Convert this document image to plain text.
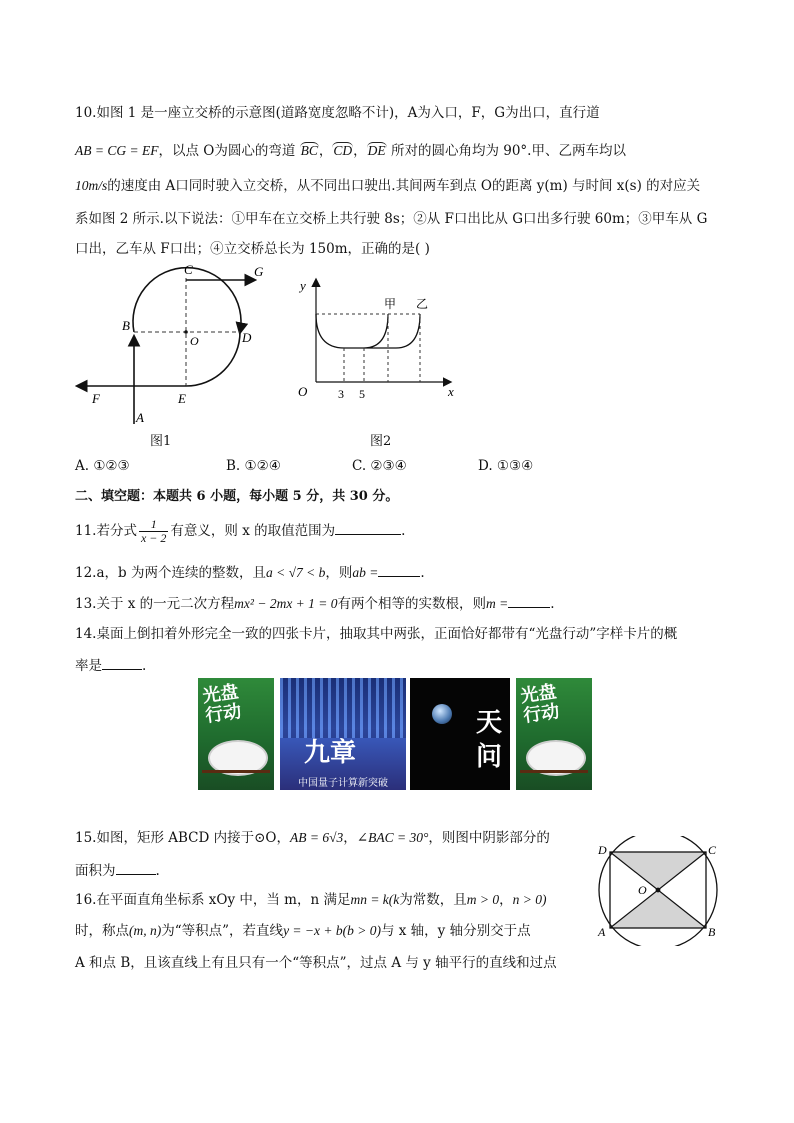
10.如图 1 是一座立交桥的示意图(道路宽度忽略不计)，A为入口，F，G为出口，直行道
AB = CG = EF，以点 O为圆心的弯道 BC，CD，DE 所对的圆心角均为 90°.甲、乙两车均以
10m/s的速度由 A口同时驶入立交桥，从不同出口驶出.其间两车到点 O的距离 y(m) 与时间 x(s) 的对应关
系如图 2 所示.以下说法：①甲车在立交桥上共行驶 8s；②从 F口出比从 G口出多行驶 60m；③甲车从 G
口出，乙车从 F口出；④立交桥总长为 150m，正确的是( )
A
B
C
D
E
F
G
O
图1
y
x
O	3 5
甲 乙
图2
A. ①②③	B. ①②④	C. ②③④	D. ①③④
二、填空题：本题共 6 小题，每小题 5 分，共 30 分。
11.若分式 $\frac{1}{x - 2}$ 有意义，则 x 的取值范围为	.
12.a，b 为两个连续的整数，且a < √7 < b，则ab =	.
13.关于 x 的一元二次方程mx² − 2mx + 1 = 0有两个相等的实数根，则m =	.
14.桌面上倒扣着外形完全一致的四张卡片，抽取其中两张，正面恰好都带有“光盘行动”字样卡片的概
率是	.
光盘行动
九章
中国量子计算新突破
天问
光盘行动
15.如图，矩形 ABCD 内接于⊙O，AB = 6√3，∠BAC = 30°，则图中阴影部分的
面积为	.
D	C
A	B
O
16.在平面直角坐标系 xOy 中，当 m，n 满足mn = k(k为常数，且m > 0，n > 0)
时，称点(m, n)为“等积点”，若直线y = −x + b(b > 0)与 x 轴，y 轴分别交于点
A 和点 B，且该直线上有且只有一个“等积点”，过点 A 与 y 轴平行的直线和过点
